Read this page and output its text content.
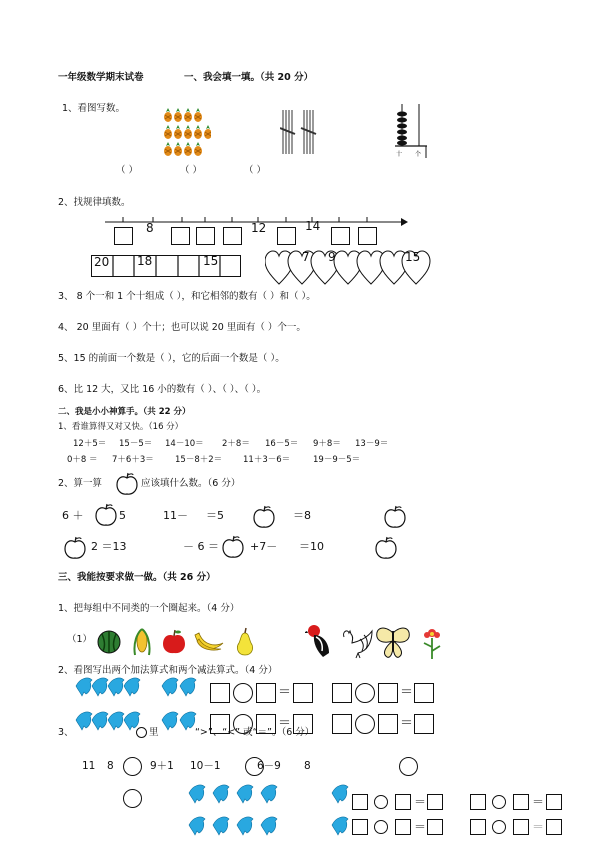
一年级数学期末试卷	一、我会填一填。（共 20 分）
1、看图写数。
十 个
（ ）	（ ）	（ ）
2、找规律填数。
8	12	14
20 18	15	7 9	15
3、 8 个一和 1 个十组成（ ），和它相邻的数有（ ）和（ ）。
4、 20 里面有（ ）个十；也可以说 20 里面有（ ）个一。
5、15 的前面一个数是（ ），它的后面一个数是（ ）。
6、比 12 大，又比 16 小的数有（ ）、（ ）、（ ）。
二、我是小小神算手。（共 22 分）
1、看谁算得又对又快。（16 分）
12＋5＝ 15－5＝ 14－10＝ 2＋8＝ 16－5＝ 9＋8＝ 13－9＝
0＋8 ＝ 7＋6＋3＝	15－8＋2＝ 11＋3－6＝	19－9－5＝
2、算一算	应该填什么数。（6 分）
6 ＋	5	11－ ＝5	＝8
2 ＝13	－ 6 ＝	+7－ ＝10
三、我能按要求做一做。（共 26 分）
1、把每组中不同类的一个圈起来。（4 分）
（1）
2、看图写出两个加法算式和两个减法算式。（4 分）
＝	＝
＝	＝
3、	里	“>”、“<” 或“＝”。（6 分）
11 8	9＋1 10－1	6－9 8
＝	＝
＝	＝
